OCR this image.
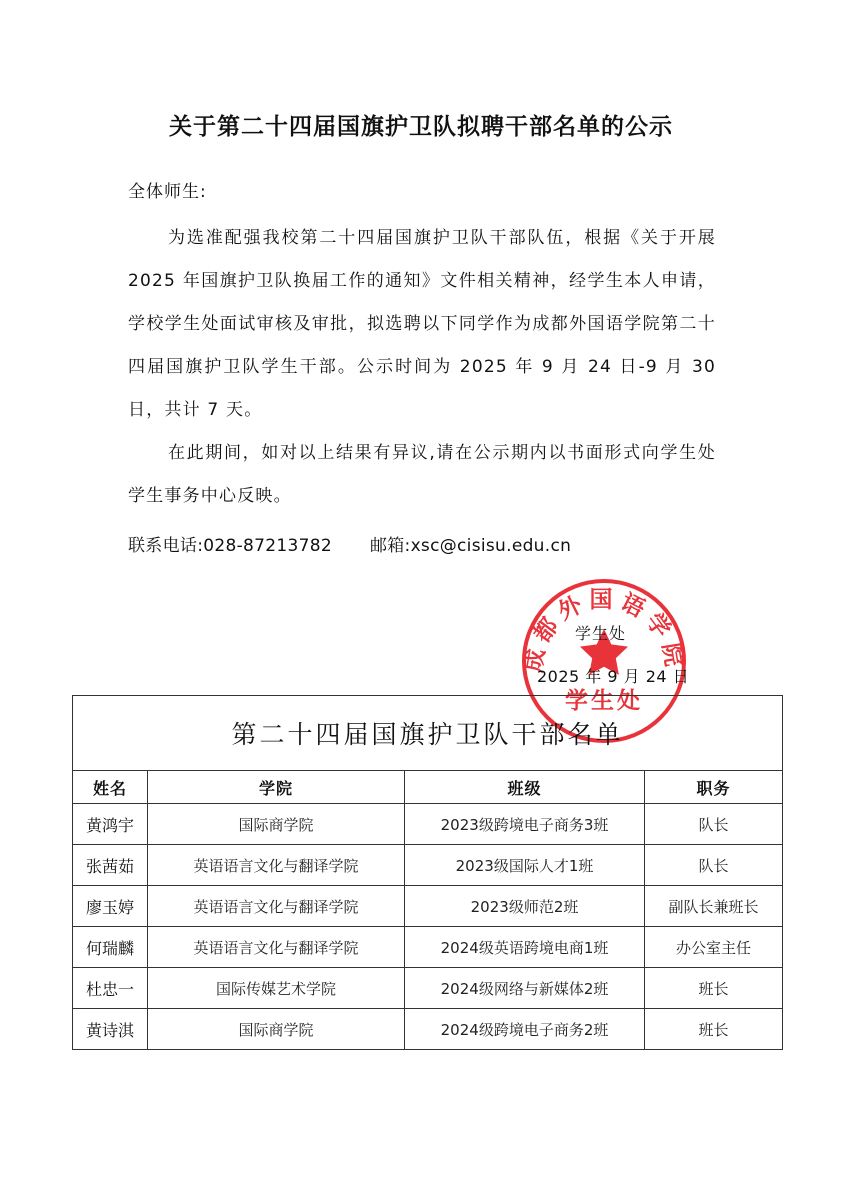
关于第二十四届国旗护卫队拟聘干部名单的公示
全体师生:

为选准配强我校第二十四届国旗护卫队干部队伍，根据《关于开展 2025 年国旗护卫队换届工作的通知》文件相关精神，经学生本人申请，学校学生处面试审核及审批，拟选聘以下同学作为成都外国语学院第二十四届国旗护卫队学生干部。公示时间为 2025 年 9 月 24 日-9 月 30 日，共计 7 天。

在此期间，如对以上结果有异议,请在公示期内以书面形式向学生处学生事务中心反映。

联系电话:028-87213782 邮箱:xsc@cisisu.edu.cn
成都外国语学院
学生处
学生处
2025 年 9 月 24 日
第二十四届国旗护卫队干部名单			
姓名	学院	班级	职务
黄鸿宇	国际商学院	2023级跨境电子商务3班	队长
张茜茹	英语语言文化与翻译学院	2023级国际人才1班	队长
廖玉婷	英语语言文化与翻译学院	2023级师范2班	副队长兼班长
何瑞麟	英语语言文化与翻译学院	2024级英语跨境电商1班	办公室主任
杜忠一	国际传媒艺术学院	2024级网络与新媒体2班	班长
黄诗淇	国际商学院	2024级跨境电子商务2班	班长
